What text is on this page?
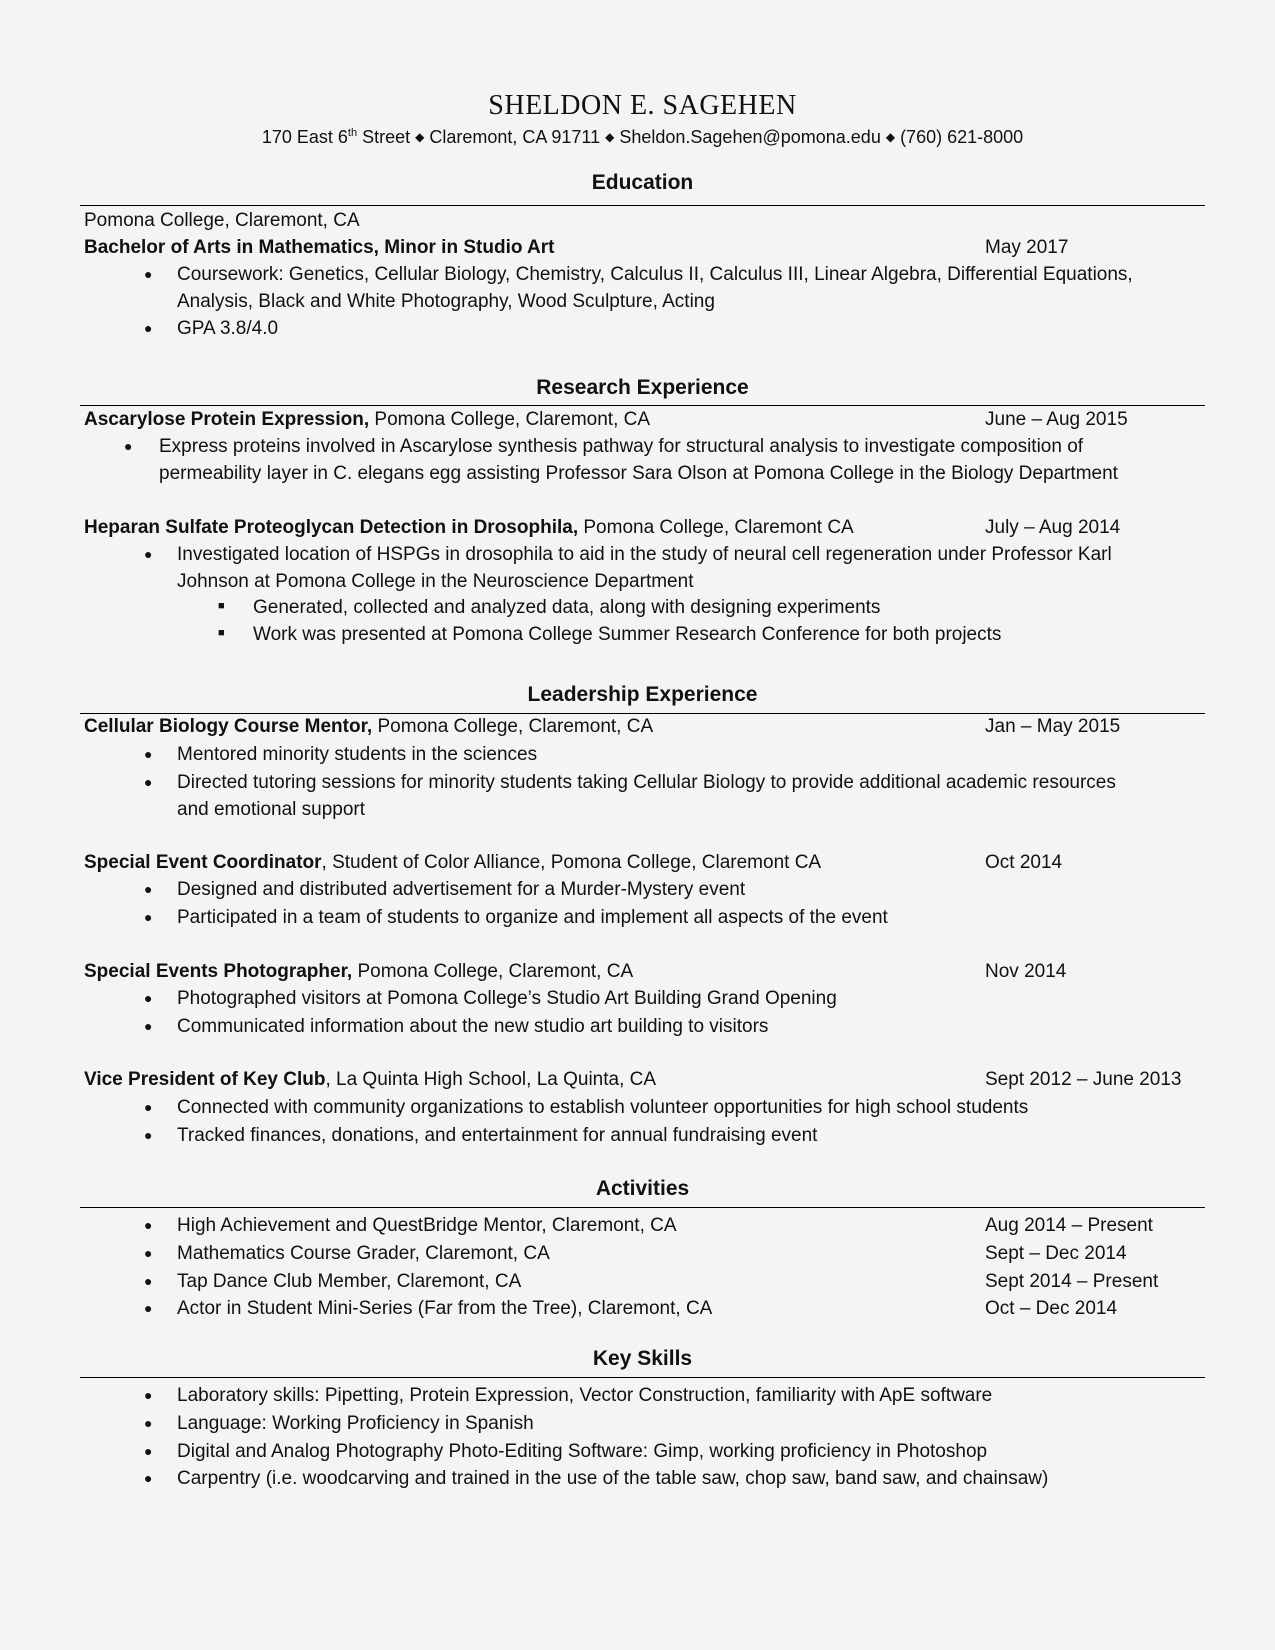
SHELDON E. SAGEHEN
170 East 6th Street ◆ Claremont, CA 91711 ◆ Sheldon.Sagehen@pomona.edu ◆ (760) 621-8000
Education
Pomona College, Claremont, CA
Bachelor of Arts in Mathematics, Minor in Studio Art	May 2017
● Coursework: Genetics, Cellular Biology, Chemistry, Calculus II, Calculus III, Linear Algebra, Differential Equations,
Analysis, Black and White Photography, Wood Sculpture, Acting
● GPA 3.8/4.0
Research Experience
Ascarylose Protein Expression, Pomona College, Claremont, CA	June – Aug 2015
● Express proteins involved in Ascarylose synthesis pathway for structural analysis to investigate composition of
permeability layer in C. elegans egg assisting Professor Sara Olson at Pomona College in the Biology Department
Heparan Sulfate Proteoglycan Detection in Drosophila, Pomona College, Claremont CA	July – Aug 2014
● Investigated location of HSPGs in drosophila to aid in the study of neural cell regeneration under Professor Karl
Johnson at Pomona College in the Neuroscience Department
■ Generated, collected and analyzed data, along with designing experiments
■ Work was presented at Pomona College Summer Research Conference for both projects
Leadership Experience
Cellular Biology Course Mentor, Pomona College, Claremont, CA	Jan – May 2015
● Mentored minority students in the sciences
● Directed tutoring sessions for minority students taking Cellular Biology to provide additional academic resources
and emotional support
Special Event Coordinator, Student of Color Alliance, Pomona College, Claremont CA	Oct 2014
● Designed and distributed advertisement for a Murder-Mystery event
● Participated in a team of students to organize and implement all aspects of the event
Special Events Photographer, Pomona College, Claremont, CA	Nov 2014
● Photographed visitors at Pomona College’s Studio Art Building Grand Opening
● Communicated information about the new studio art building to visitors
Vice President of Key Club, La Quinta High School, La Quinta, CA	Sept 2012 – June 2013
● Connected with community organizations to establish volunteer opportunities for high school students
● Tracked finances, donations, and entertainment for annual fundraising event
Activities
● High Achievement and QuestBridge Mentor, Claremont, CA	Aug 2014 – Present
● Mathematics Course Grader, Claremont, CA	Sept – Dec 2014
● Tap Dance Club Member, Claremont, CA	Sept 2014 – Present
● Actor in Student Mini-Series (Far from the Tree), Claremont, CA	Oct – Dec 2014
Key Skills
● Laboratory skills: Pipetting, Protein Expression, Vector Construction, familiarity with ApE software
● Language: Working Proficiency in Spanish
● Digital and Analog Photography Photo-Editing Software: Gimp, working proficiency in Photoshop
● Carpentry (i.e. woodcarving and trained in the use of the table saw, chop saw, band saw, and chainsaw)
